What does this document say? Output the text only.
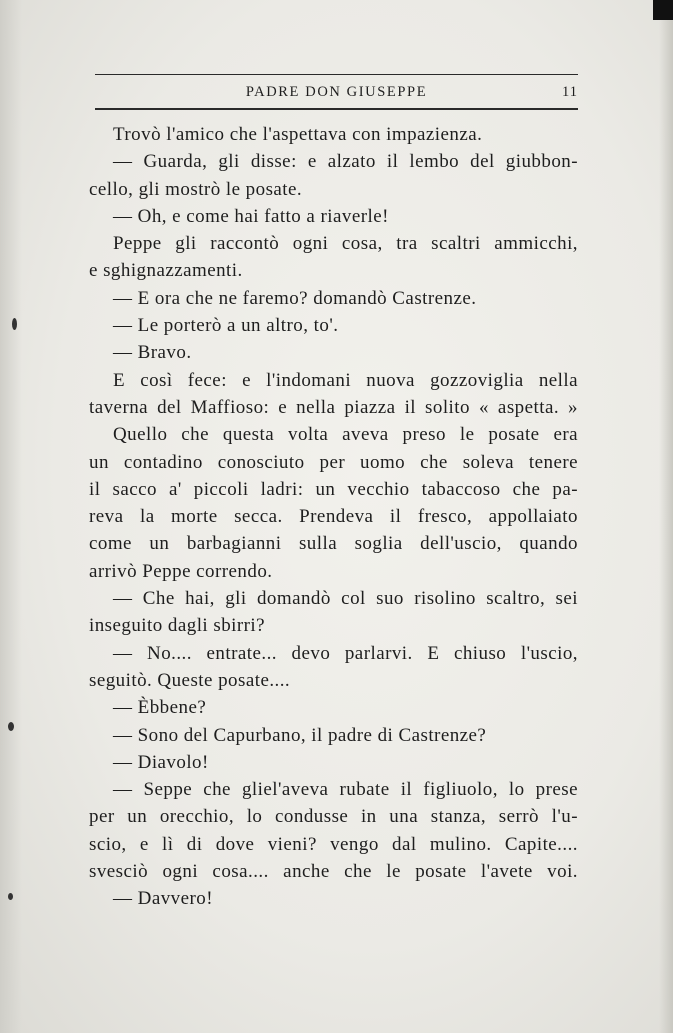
PADRE DON GIUSEPPE	11
Trovò l'amico che l'aspettava con impazienza.
— Guarda, gli disse: e alzato il lembo del giubbon-
cello, gli mostrò le posate.
— Oh, e come hai fatto a riaverle!
Peppe gli raccontò ogni cosa, tra scaltri ammicchi,
e sghignazzamenti.
— E ora che ne faremo? domandò Castrenze.
— Le porterò a un altro, to'.
— Bravo.
E così fece: e l'indomani nuova gozzoviglia nella
taverna del Maffioso: e nella piazza il solito « aspetta. »
Quello che questa volta aveva preso le posate era
un contadino conosciuto per uomo che soleva tenere
il sacco a' piccoli ladri: un vecchio tabaccoso che pa-
reva la morte secca. Prendeva il fresco, appollaiato
come un barbagianni sulla soglia dell'uscio, quando
arrivò Peppe correndo.
— Che hai, gli domandò col suo risolino scaltro, sei
inseguito dagli sbirri?
— No.... entrate... devo parlarvi. E chiuso l'uscio,
seguitò. Queste posate....
— Èbbene?
— Sono del Capurbano, il padre di Castrenze?
— Diavolo!
— Seppe che gliel'aveva rubate il figliuolo, lo prese
per un orecchio, lo condusse in una stanza, serrò l'u-
scio, e lì di dove vieni? vengo dal mulino. Capite....
svesciò ogni cosa.... anche che le posate l'avete voi.
— Davvero!
